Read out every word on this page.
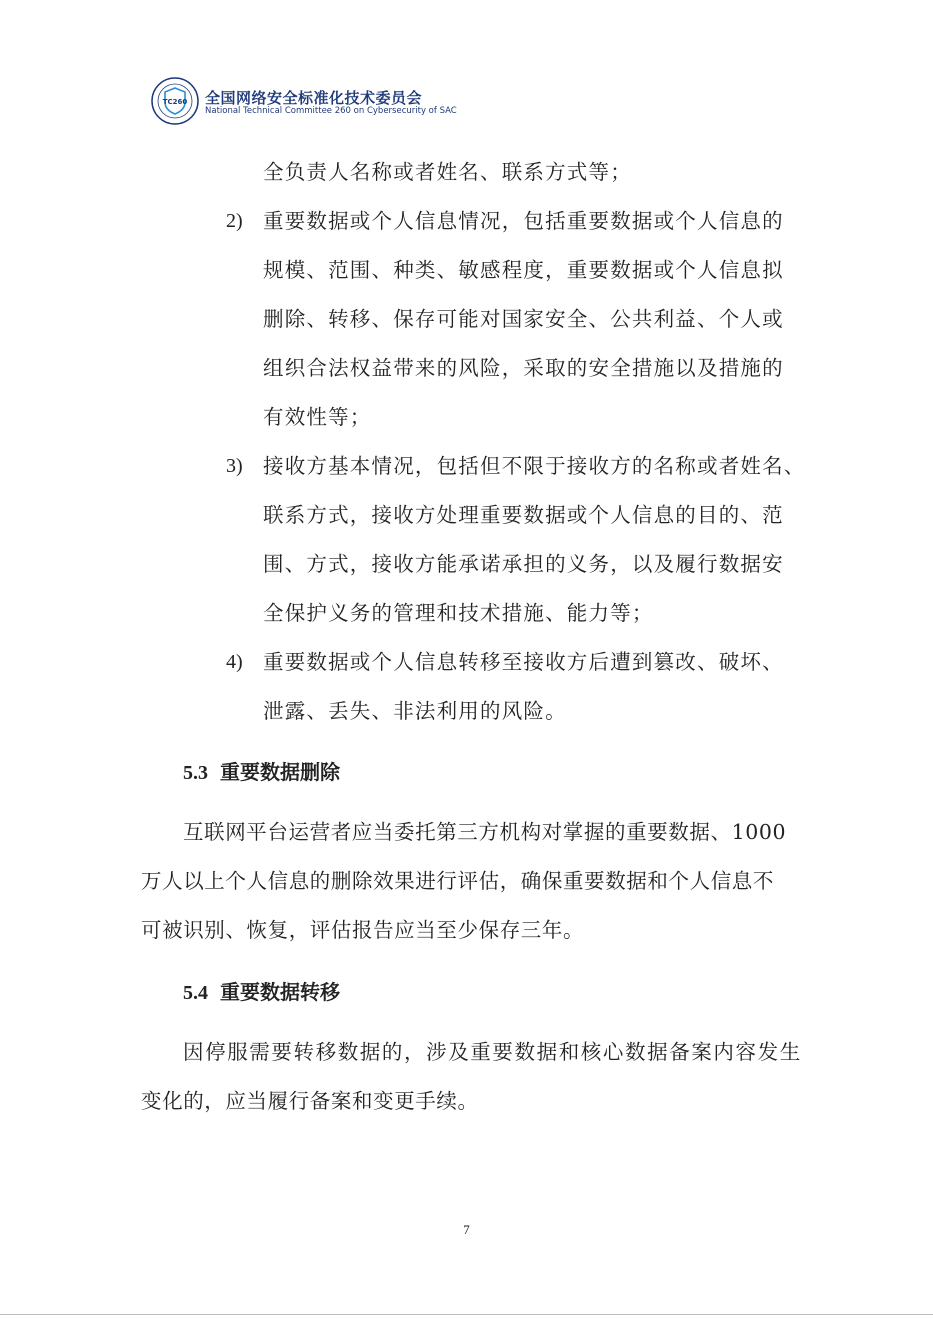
TC260 全国网络安全标准化技术委员会
National Technical Committee 260 on Cybersecurity of SAC
全负责人名称或者姓名、联系方式等；
2) 重要数据或个人信息情况，包括重要数据或个人信息的
规模、范围、种类、敏感程度，重要数据或个人信息拟
删除、转移、保存可能对国家安全、公共利益、个人或
组织合法权益带来的风险，采取的安全措施以及措施的
有效性等；
3) 接收方基本情况，包括但不限于接收方的名称或者姓名、
联系方式，接收方处理重要数据或个人信息的目的、范
围、方式，接收方能承诺承担的义务，以及履行数据安
全保护义务的管理和技术措施、能力等；
4) 重要数据或个人信息转移至接收方后遭到篡改、破坏、
泄露、丢失、非法利用的风险。
5.3 重要数据删除
互联网平台运营者应当委托第三方机构对掌握的重要数据、1000
万人以上个人信息的删除效果进行评估，确保重要数据和个人信息不
可被识别、恢复，评估报告应当至少保存三年。
5.4 重要数据转移
因停服需要转移数据的，涉及重要数据和核心数据备案内容发生
变化的，应当履行备案和变更手续。
7
